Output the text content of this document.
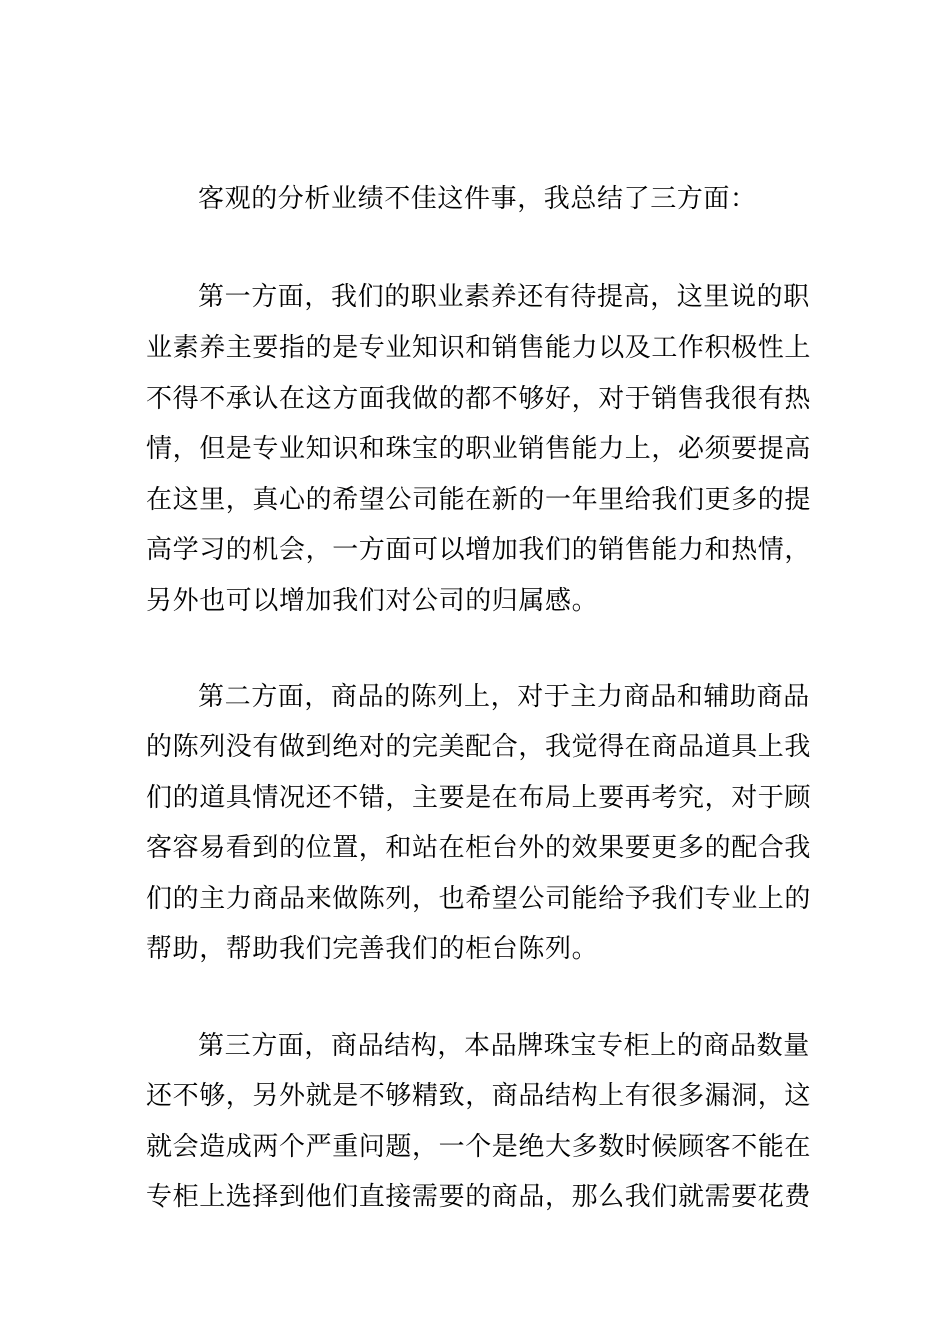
客观的分析业绩不佳这件事，我总结了三方面：
第一方面，我们的职业素养还有待提高，这里说的职
业素养主要指的是专业知识和销售能力以及工作积极性上
不得不承认在这方面我做的都不够好，对于销售我很有热
情，但是专业知识和珠宝的职业销售能力上，必须要提高
在这里，真心的希望公司能在新的一年里给我们更多的提
高学习的机会，一方面可以增加我们的销售能力和热情，
另外也可以增加我们对公司的归属感。
第二方面，商品的陈列上，对于主力商品和辅助商品
的陈列没有做到绝对的完美配合，我觉得在商品道具上我
们的道具情况还不错，主要是在布局上要再考究，对于顾
客容易看到的位置，和站在柜台外的效果要更多的配合我
们的主力商品来做陈列，也希望公司能给予我们专业上的
帮助，帮助我们完善我们的柜台陈列。
第三方面，商品结构，本品牌珠宝专柜上的商品数量
还不够，另外就是不够精致，商品结构上有很多漏洞，这
就会造成两个严重问题，一个是绝大多数时候顾客不能在
专柜上选择到他们直接需要的商品，那么我们就需要花费
